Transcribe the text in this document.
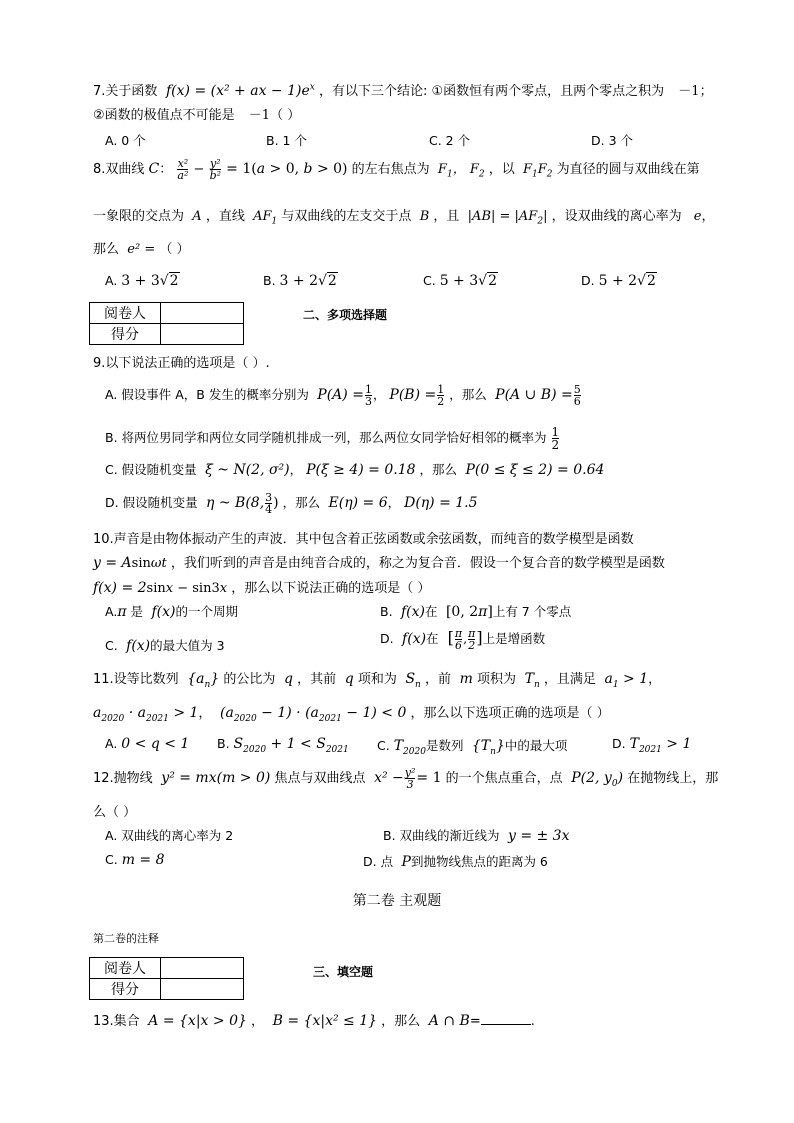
7.关于函数  f(x) = (x² + ax − $1)e^x$ ，有以下三个结论: ①函数恒有两个零点，且两个零点之积为 －1；
②函数的极值点不可能是 －1（ ）
A. 0 个	B. 1 个	C. 2 个	D. 3 个
8.双曲线 C： $\frac{\text{x²}}{\text{a²}} - \frac{\text{y²}}{\text{b²}} = 1(a > 0$, b > 0) 的左右焦点为  $F_1$， $F_2$ ，以  $F_1F_2$ 为直径的圆与双曲线在第
一象限的交点为  A ，直线  $AF_1$ 与双曲线的左支交于点  B ，且  $|AB| = |AF_2|$ ，设双曲线的离心率为 e，
那么  e² = （ ）
A. 3 + 3√2	B. 3 + 2√2	C. 5 + 3√2	D. 5 + 2√2
阅卷人	
得分	
二、多项选择题
9.以下说法正确的选项是（ ）.
A. 假设事件 A，B 发生的概率分别为  $P(A) = \frac{1}{3}$ ， $P(B) = \frac{1}{2}$ ，那么  P(A ∪ $B) = \frac{5}{6}$
B. 将两位男同学和两位女同学随机排成一列，那么两位女同学恰好相邻的概率为 $\frac{1}{2}$
C. 假设随机变量  ξ ~ N(2, σ²)， P(ξ ≥ 4) = 0.18 ，那么  P(0 ≤ ξ ≤ 2) = 0.64
D. 假设随机变量  η ~ B(8, $\frac{3}{4}$ ) ，那么  E(η) = 6， D(η) = 1.5
10.声音是由物体振动产生的声波．其中包含着正弦函数或余弦函数，而纯音的数学模型是函数
y = Asinωt ，我们听到的声音是由纯音合成的，称之为复合音．假设一个复合音的数学模型是函数
f(x) = 2sinx − sin3x ，那么以下说法正确的选项是（ ）
A.π 是  f(x)的一个周期	B.  f(x)在  [0, 2π]上有 7 个零点
C.  f(x)的最大值为 3	D.  f(x)在  [ $\frac{\pi}{6}$ , $\frac{\pi}{2}$ ]上是增函数
11.设等比数列  $\{a_n\}$ 的公比为  q ，其前  q 项和为  $S_n$ ，前  m 项积为  $T_n$ ，且满足  $a_1 > 1$，
$a_{2020} \cdot a_{2021} > 1$，  $(a_{2020} - 1) \cdot (a_{2021} - 1) < 0$ ，那么以下选项正确的选项是（ ）
A. 0 < q < 1 B. $S_{2020} + 1 < S_{2021}$ C. $T_{2020}$是数列  $\{T_n\}$中的最大项	D. $T_{2021} > 1$
12.抛物线  y² = mx(m > 0) 焦点与双曲线点  $x^2 - \frac{\text{y²}}{3} = 1$ 的一个焦点重合，点  P(2, $y_0$) 在抛物线上，那
么（ ）
A. 双曲线的离心率为 2	B. 双曲线的渐近线为  y = ± 3x
C. m = 8	D. 点  P到抛物线焦点的距离为 6
第二卷 主观题
第二卷的注释
阅卷人	
得分	
三、填空题
13.集合  A = {x|x > 0} ，  B = {x|x² ≤ 1} ，那么  A ∩ B=	.
